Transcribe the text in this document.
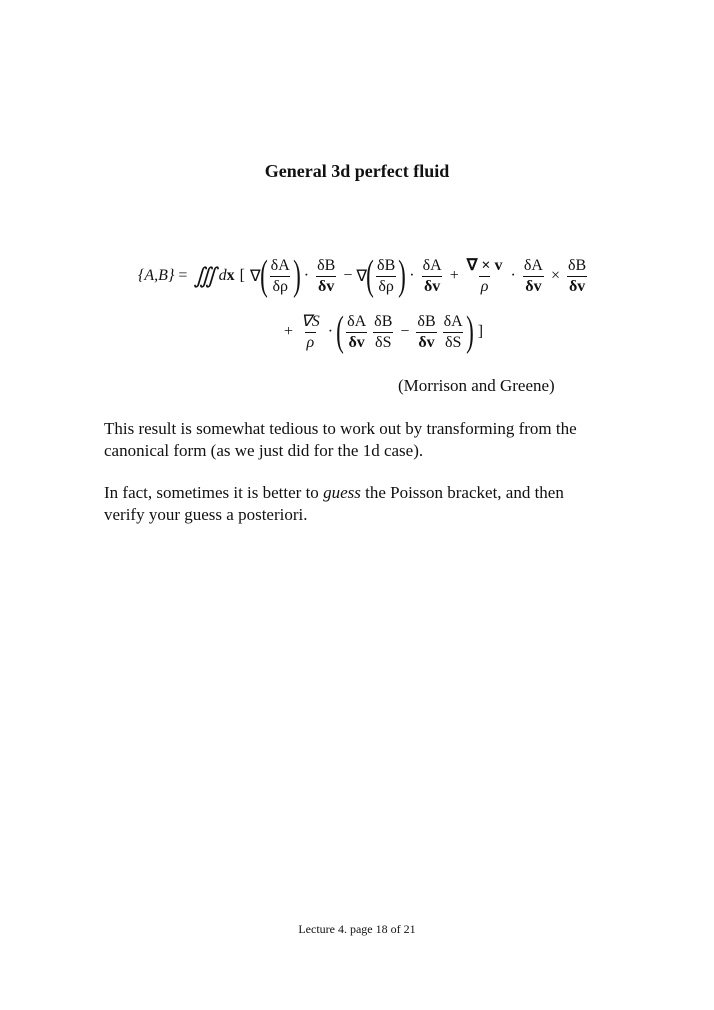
General 3d perfect fluid
{A,B} = ∭ d x [ ∇ ( $\frac{\delta A}{\delta\rho}$ ) · $\frac{\delta B}{\delta v}$ − ∇ ( $\frac{\delta B}{\delta\rho}$ ) · $\frac{\delta A}{\delta v} + \frac{\nabla \times v}{\rho} \cdot \frac{\delta A}{\delta v} \times \frac{\delta B}{\delta v}$
+ $\frac{\nabla S}{\rho}$ · ( $\frac{\delta A}{\delta v} \frac{\delta B}{\delta S} - \frac{\delta B}{\delta v} \frac{\delta A}{\delta S}$ ) ]
(Morrison and Greene)
This result is somewhat tedious to work out by transforming from the canonical form (as we just did for the 1d case).
In fact, sometimes it is better to guess the Poisson bracket, and then verify your guess a posteriori.
Lecture 4. page 18 of 21
